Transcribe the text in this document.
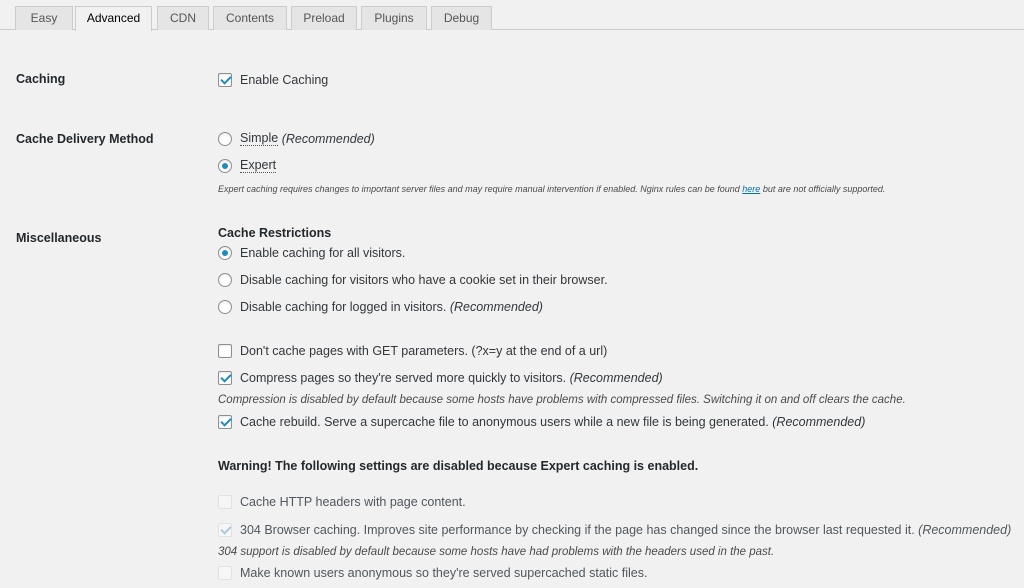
Easy	Advanced	CDN	Contents	Preload	Plugins	Debug
Caching	Enable Caching
Cache Delivery Method	Simple
(Recommended)
Expert
Expert caching requires changes to important server files and may require manual intervention if enabled. Nginx rules can be found here but are not officially supported.
Miscellaneous	Cache Restrictions
Enable caching for all visitors.
Disable caching for visitors who have a cookie set in their browser.
Disable caching for logged in visitors.
(Recommended)
Don't cache pages with GET parameters. (?x=y at the end of a url)
Compress pages so they're served more quickly to visitors.
(Recommended)
Compression is disabled by default because some hosts have problems with compressed files. Switching it on and off clears the cache.
Cache rebuild. Serve a supercache file to anonymous users while a new file is being generated.
(Recommended)
Warning! The following settings are disabled because Expert caching is enabled.
Cache HTTP headers with page content.
304 Browser caching. Improves site performance by checking if the page has changed since the browser last requested it.
(Recommended)
304 support is disabled by default because some hosts have had problems with the headers used in the past.
Make known users anonymous so they're served supercached static files.
